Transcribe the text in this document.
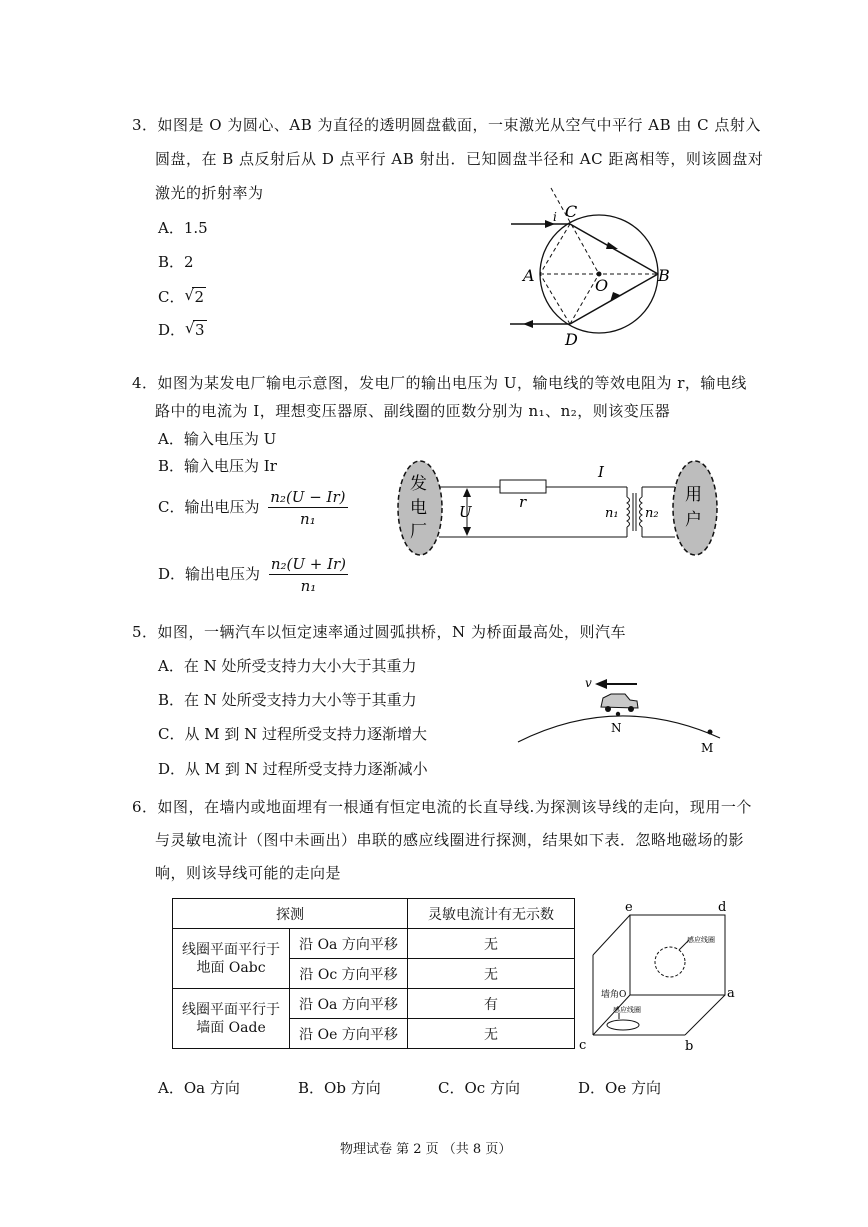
3．如图是 O 为圆心、AB 为直径的透明圆盘截面，一束激光从空气中平行 AB 由 C 点射入
圆盘，在 B 点反射后从 D 点平行 AB 射出．已知圆盘半径和 AC 距离相等，则该圆盘对
激光的折射率为
A．1.5
B．2
C． √ 2
D． √ 3
C
i
A	B
O
D
4．如图为某发电厂输电示意图，发电厂的输出电压为 U，输电线的等效电阻为 r，输电线
路中的电流为 I，理想变压器原、副线圈的匝数分别为 n₁、n₂，则该变压器
A．输入电压为 U
B．输入电压为 Ir
C．输出电压为 $\frac{\text{n₂(U − Ir)}}{\text{n₁}}$
D．输出电压为 $\frac{\text{n₂(U + Ir)}}{\text{n₁}}$
发
电
厂
用
户
U
r
I
n₁ n₂
5．如图，一辆汽车以恒定速率通过圆弧拱桥，N 为桥面最高处，则汽车
A．在 N 处所受支持力大小大于其重力
B．在 N 处所受支持力大小等于其重力
C．从 M 到 N 过程所受支持力逐渐增大
D．从 M 到 N 过程所受支持力逐渐减小
v
N
M
6．如图，在墙内或地面埋有一根通有恒定电流的长直导线.为探测该导线的走向，现用一个
与灵敏电流计（图中未画出）串联的感应线圈进行探测，结果如下表．忽略地磁场的影
响，则该导线可能的走向是
探测		灵敏电流计有无示数
线圈平面平行于
地面 Oabc	沿 Oa 方向平移	无
	沿 Oc 方向平移	无
线圈平面平行于
墙面 Oade	沿 Oa 方向平移	有
	沿 Oe 方向平移	无
感应线圈
感应线圈
e	d
a
b
c
墙角O
A．Oa 方向	B．Ob 方向	C．Oc 方向	D．Oe 方向
物理试卷 第 2 页 （共 8 页）
